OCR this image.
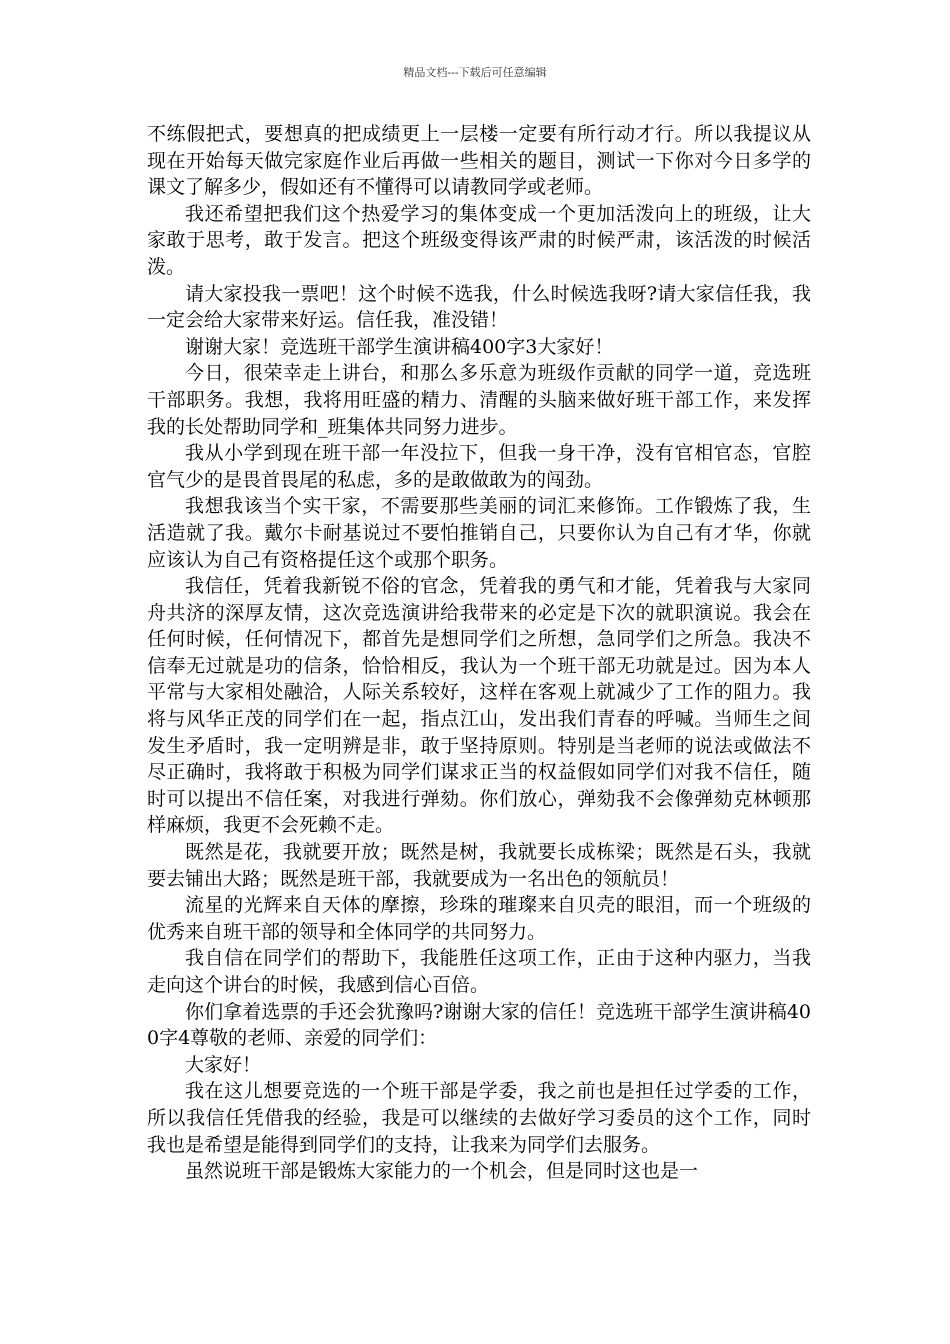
精品文档---下载后可任意编辑

不练假把式，要想真的把成绩更上一层楼一定要有所行动才行。所以我提议从现在开始每天做完家庭作业后再做一些相关的题目，测试一下你对今日多学的课文了解多少，假如还有不懂得可以请教同学或老师。

我还希望把我们这个热爱学习的集体变成一个更加活泼向上的班级，让大家敢于思考，敢于发言。把这个班级变得该严肃的时候严肃，该活泼的时候活泼。

请大家投我一票吧！这个时候不选我，什么时候选我呀?请大家信任我，我一定会给大家带来好运。信任我，准没错！

谢谢大家！竞选班干部学生演讲稿400字3大家好！

今日，很荣幸走上讲台，和那么多乐意为班级作贡献的同学一道，竞选班干部职务。我想，我将用旺盛的精力、清醒的头脑来做好班干部工作，来发挥我的长处帮助同学和_班集体共同努力进步。

我从小学到现在班干部一年没拉下，但我一身干净，没有官相官态，官腔官气少的是畏首畏尾的私虑，多的是敢做敢为的闯劲。

我想我该当个实干家，不需要那些美丽的词汇来修饰。工作锻炼了我，生活造就了我。戴尔卡耐基说过不要怕推销自己，只要你认为自己有才华，你就应该认为自己有资格提任这个或那个职务。

我信任，凭着我新锐不俗的官念，凭着我的勇气和才能，凭着我与大家同舟共济的深厚友情，这次竞选演讲给我带来的必定是下次的就职演说。我会在任何时候，任何情况下，都首先是想同学们之所想，急同学们之所急。我决不信奉无过就是功的信条，恰恰相反，我认为一个班干部无功就是过。因为本人平常与大家相处融洽，人际关系较好，这样在客观上就减少了工作的阻力。我将与风华正茂的同学们在一起，指点江山，发出我们青春的呼喊。当师生之间发生矛盾时，我一定明辨是非，敢于坚持原则。特别是当老师的说法或做法不尽正确时，我将敢于积极为同学们谋求正当的权益假如同学们对我不信任，随时可以提出不信任案，对我进行弹劾。你们放心，弹劾我不会像弹劾克林顿那样麻烦，我更不会死赖不走。

既然是花，我就要开放；既然是树，我就要长成栋梁；既然是石头，我就要去铺出大路；既然是班干部，我就要成为一名出色的领航员！

流星的光辉来自天体的摩擦，珍珠的璀璨来自贝壳的眼泪，而一个班级的优秀来自班干部的领导和全体同学的共同努力。

我自信在同学们的帮助下，我能胜任这项工作，正由于这种内驱力，当我走向这个讲台的时候，我感到信心百倍。

你们拿着选票的手还会犹豫吗?谢谢大家的信任！竞选班干部学生演讲稿400字4尊敬的老师、亲爱的同学们：

大家好！

我在这儿想要竞选的一个班干部是学委，我之前也是担任过学委的工作，所以我信任凭借我的经验，我是可以继续的去做好学习委员的这个工作，同时我也是希望是能得到同学们的支持，让我来为同学们去服务。

虽然说班干部是锻炼大家能力的一个机会，但是同时这也是一
